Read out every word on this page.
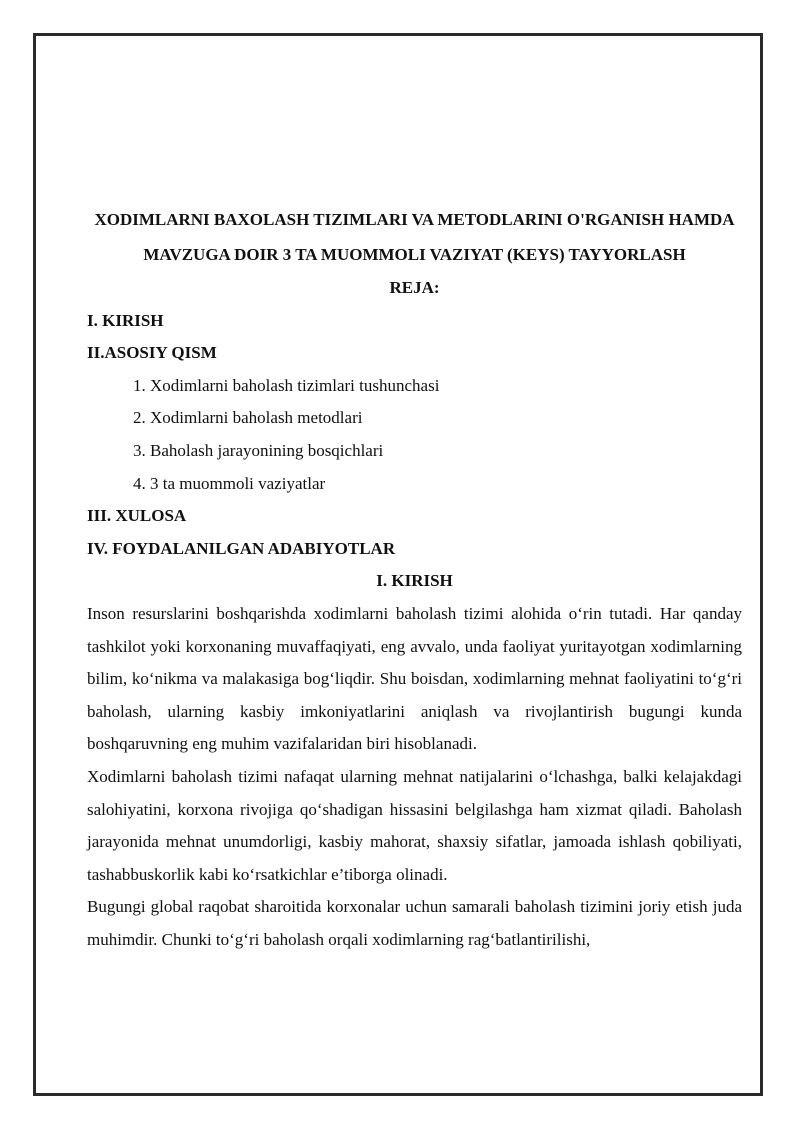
XODIMLARNI BAXOLASH TIZIMLARI VA METODLARINI O'RGANISH HAMDA MAVZUGA DOIR 3 TA MUOMMOLI VAZIYAT (KEYS) TAYYORLASH

REJA:

I. KIRISH

II.ASOSIY QISM

1. Xodimlarni baholash tizimlari tushunchasi

2. Xodimlarni baholash metodlari

3. Baholash jarayonining bosqichlari

4. 3 ta muommoli vaziyatlar

III. XULOSA

IV. FOYDALANILGAN ADABIYOTLAR

I. KIRISH

Inson resurslarini boshqarishda xodimlarni baholash tizimi alohida o‘rin tutadi. Har qanday tashkilot yoki korxonaning muvaffaqiyati, eng avvalo, unda faoliyat yuritayotgan xodimlarning bilim, ko‘nikma va malakasiga bog‘liqdir. Shu boisdan, xodimlarning mehnat faoliyatini to‘g‘ri baholash, ularning kasbiy imkoniyatlarini aniqlash va rivojlantirish bugungi kunda boshqaruvning eng muhim vazifalaridan biri hisoblanadi.

Xodimlarni baholash tizimi nafaqat ularning mehnat natijalarini o‘lchashga, balki kelajakdagi salohiyatini, korxona rivojiga qo‘shadigan hissasini belgilashga ham xizmat qiladi. Baholash jarayonida mehnat unumdorligi, kasbiy mahorat, shaxsiy sifatlar, jamoada ishlash qobiliyati, tashabbuskorlik kabi ko‘rsatkichlar e’tiborga olinadi.

Bugungi global raqobat sharoitida korxonalar uchun samarali baholash tizimini joriy etish juda muhimdir. Chunki to‘g‘ri baholash orqali xodimlarning rag‘batlantirilishi,
